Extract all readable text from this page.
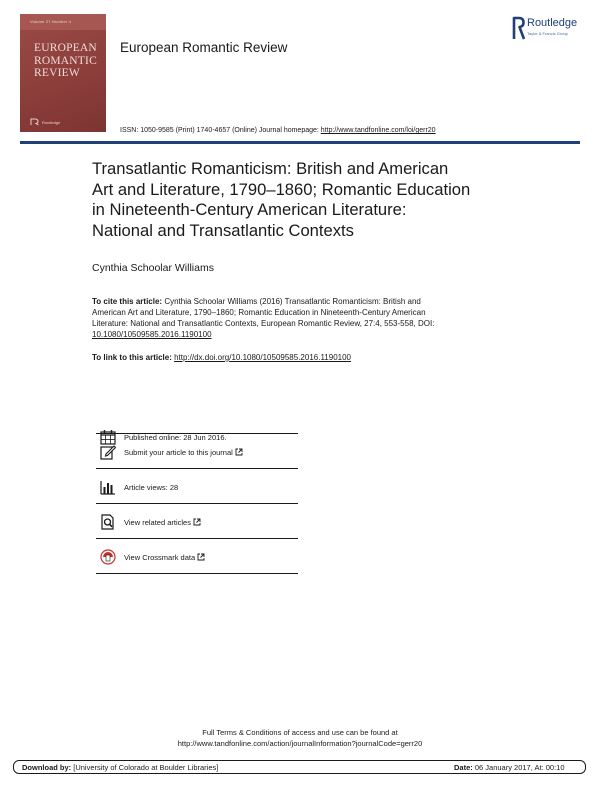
Volume 27 Number 4
EUROPEAN
ROMANTIC
REVIEW
Routledge
European Romantic Review
Routledge
Taylor & Francis Group
ISSN: 1050-9585 (Print) 1740-4657 (Online) Journal homepage: http://www.tandfonline.com/loi/gerr20
Transatlantic Romanticism: British and American
Art and Literature, 1790–1860; Romantic Education
in Nineteenth-Century American Literature:
National and Transatlantic Contexts
Cynthia Schoolar Williams
To cite this article: Cynthia Schoolar Williams (2016) Transatlantic Romanticism: British and
American Art and Literature, 1790–1860; Romantic Education in Nineteenth-Century American
Literature: National and Transatlantic Contexts, European Romantic Review, 27:4, 553-558, DOI:
10.1080/10509585.2016.1190100
To link to this article: http://dx.doi.org/10.1080/10509585.2016.1190100
Published online: 28 Jun 2016.
Submit your article to this journal
Article views: 28
View related articles
View Crossmark data
Full Terms & Conditions of access and use can be found at
http://www.tandfonline.com/action/journalInformation?journalCode=gerr20
Download by: [University of Colorado at Boulder Libraries]	Date: 06 January 2017, At: 00:10
